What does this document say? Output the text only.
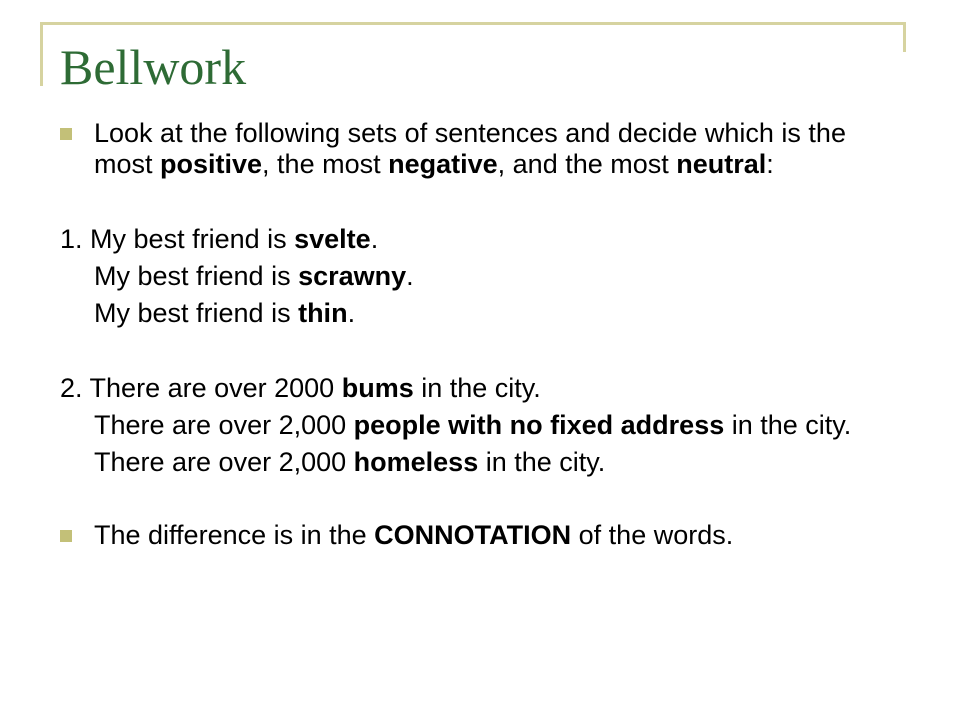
Bellwork

Look at the following sets of sentences and decide which is the most positive, the most negative, and the most neutral:

1. My best friend is svelte.

My best friend is scrawny.

My best friend is thin.

2. There are over 2000 bums in the city.

There are over 2,000 people with no fixed address in the city.

There are over 2,000 homeless in the city.

The difference is in the CONNOTATION of the words.
